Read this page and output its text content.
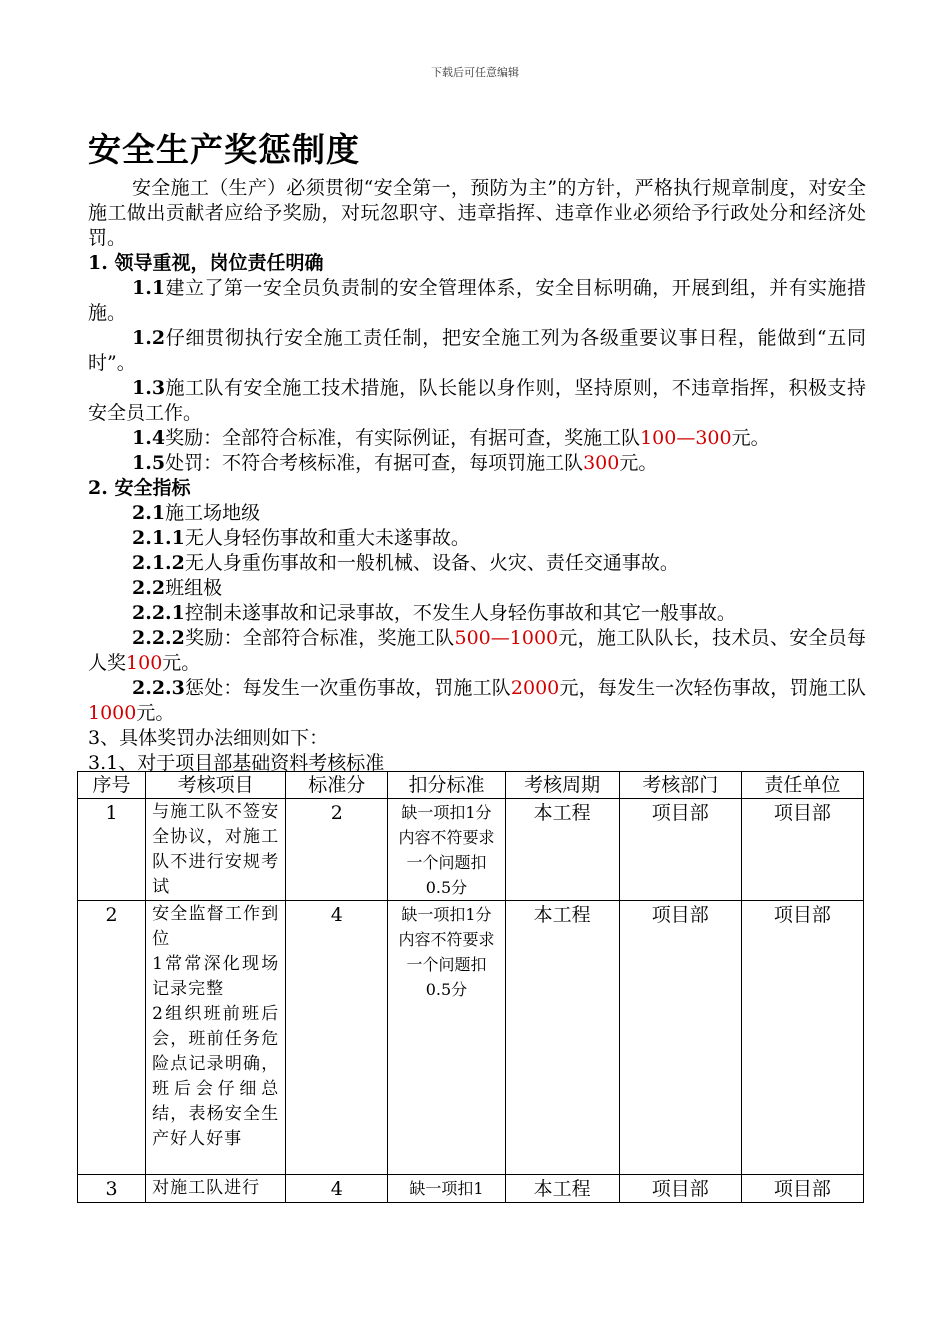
下载后可任意编辑
安全生产奖惩制度

安全施工（生产）必须贯彻“安全第一，预防为主”的方针，严格执行规章制度，对安全施工做出贡献者应给予奖励，对玩忽职守、违章指挥、违章作业必须给予行政处分和经济处罚。

1. 领导重视，岗位责任明确

1.1建立了第一安全员负责制的安全管理体系，安全目标明确，开展到组，并有实施措施。

1.2仔细贯彻执行安全施工责任制，把安全施工列为各级重要议事日程，能做到“五同时”。

1.3施工队有安全施工技术措施，队长能以身作则，坚持原则，不违章指挥，积极支持安全员工作。

1.4奖励：全部符合标准，有实际例证，有据可查，奖施工队100—300元。

1.5处罚：不符合考核标准，有据可查，每项罚施工队300元。

2. 安全指标

2.1施工场地级

2.1.1无人身轻伤事故和重大未遂事故。

2.1.2无人身重伤事故和一般机械、设备、火灾、责任交通事故。

2.2班组极

2.2.1控制未遂事故和记录事故，不发生人身轻伤事故和其它一般事故。

2.2.2奖励：全部符合标准，奖施工队500—1000元，施工队队长，技术员、安全员每人奖100元。

2.2.3惩处：每发生一次重伤事故，罚施工队2000元，每发生一次轻伤事故，罚施工队1000元。

3、具体奖罚办法细则如下：

3.1、对于项目部基础资料考核标准

序号	考核项目	标准分	扣分标准	考核周期	考核部门	责任单位
1	与施工队不签安全协议，对施工队不进行安规考试	2	缺一项扣1分内容不符要求一个问题扣0.5分	本工程	项目部	项目部
2	安全监督工作到位
1常常深化现场记录完整
2组织班前班后会，班前任务危险点记录明确，班后会仔细总结，表杨安全生产好人好事	4	缺一项扣1分内容不符要求一个问题扣0.5分	本工程	项目部	项目部
3	对施工队进行	4	缺一项扣1	本工程	项目部	项目部
